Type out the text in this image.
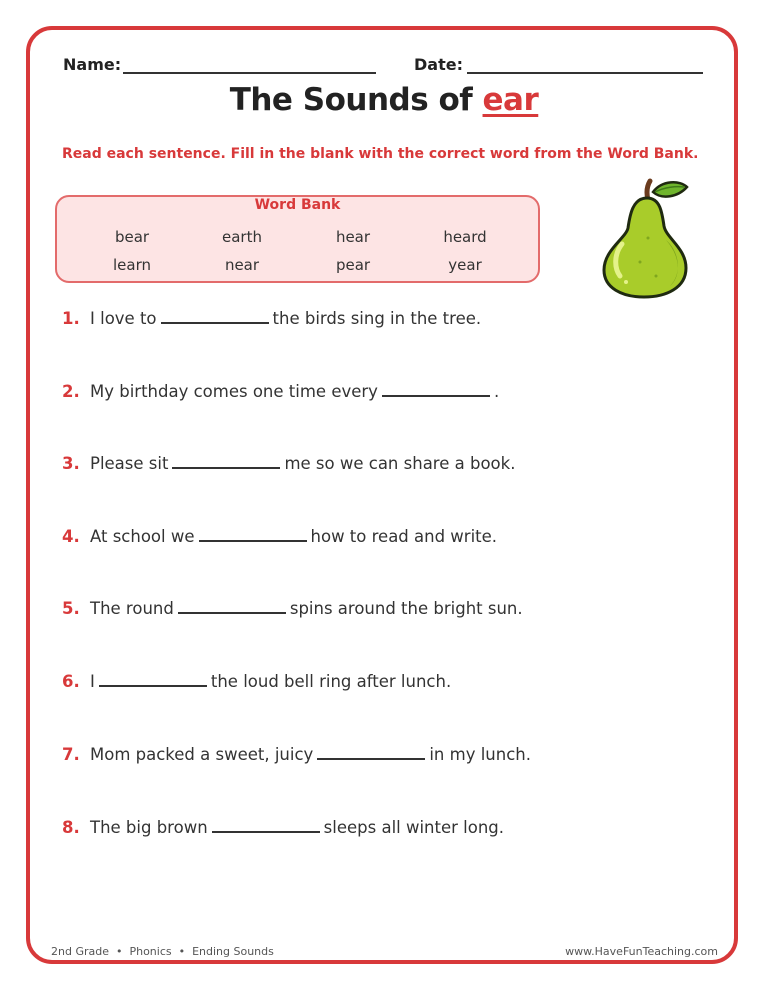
Name:	Date:
The Sounds of ear
Read each sentence. Fill in the blank with the correct word from the Word Bank.
Word Bank
bear	earth	hear	heard
learn	near	pear	year
1. I love to	the birds sing in the tree.
2. My birthday comes one time every	.
3. Please sit	me so we can share a book.
4. At school we	how to read and write.
5. The round	spins around the bright sun.
6. I	the loud bell ring after lunch.
7. Mom packed a sweet, juicy	in my lunch.
8. The big brown	sleeps all winter long.
2nd Grade  •  Phonics  •  Ending Sounds	www.HaveFunTeaching.com
